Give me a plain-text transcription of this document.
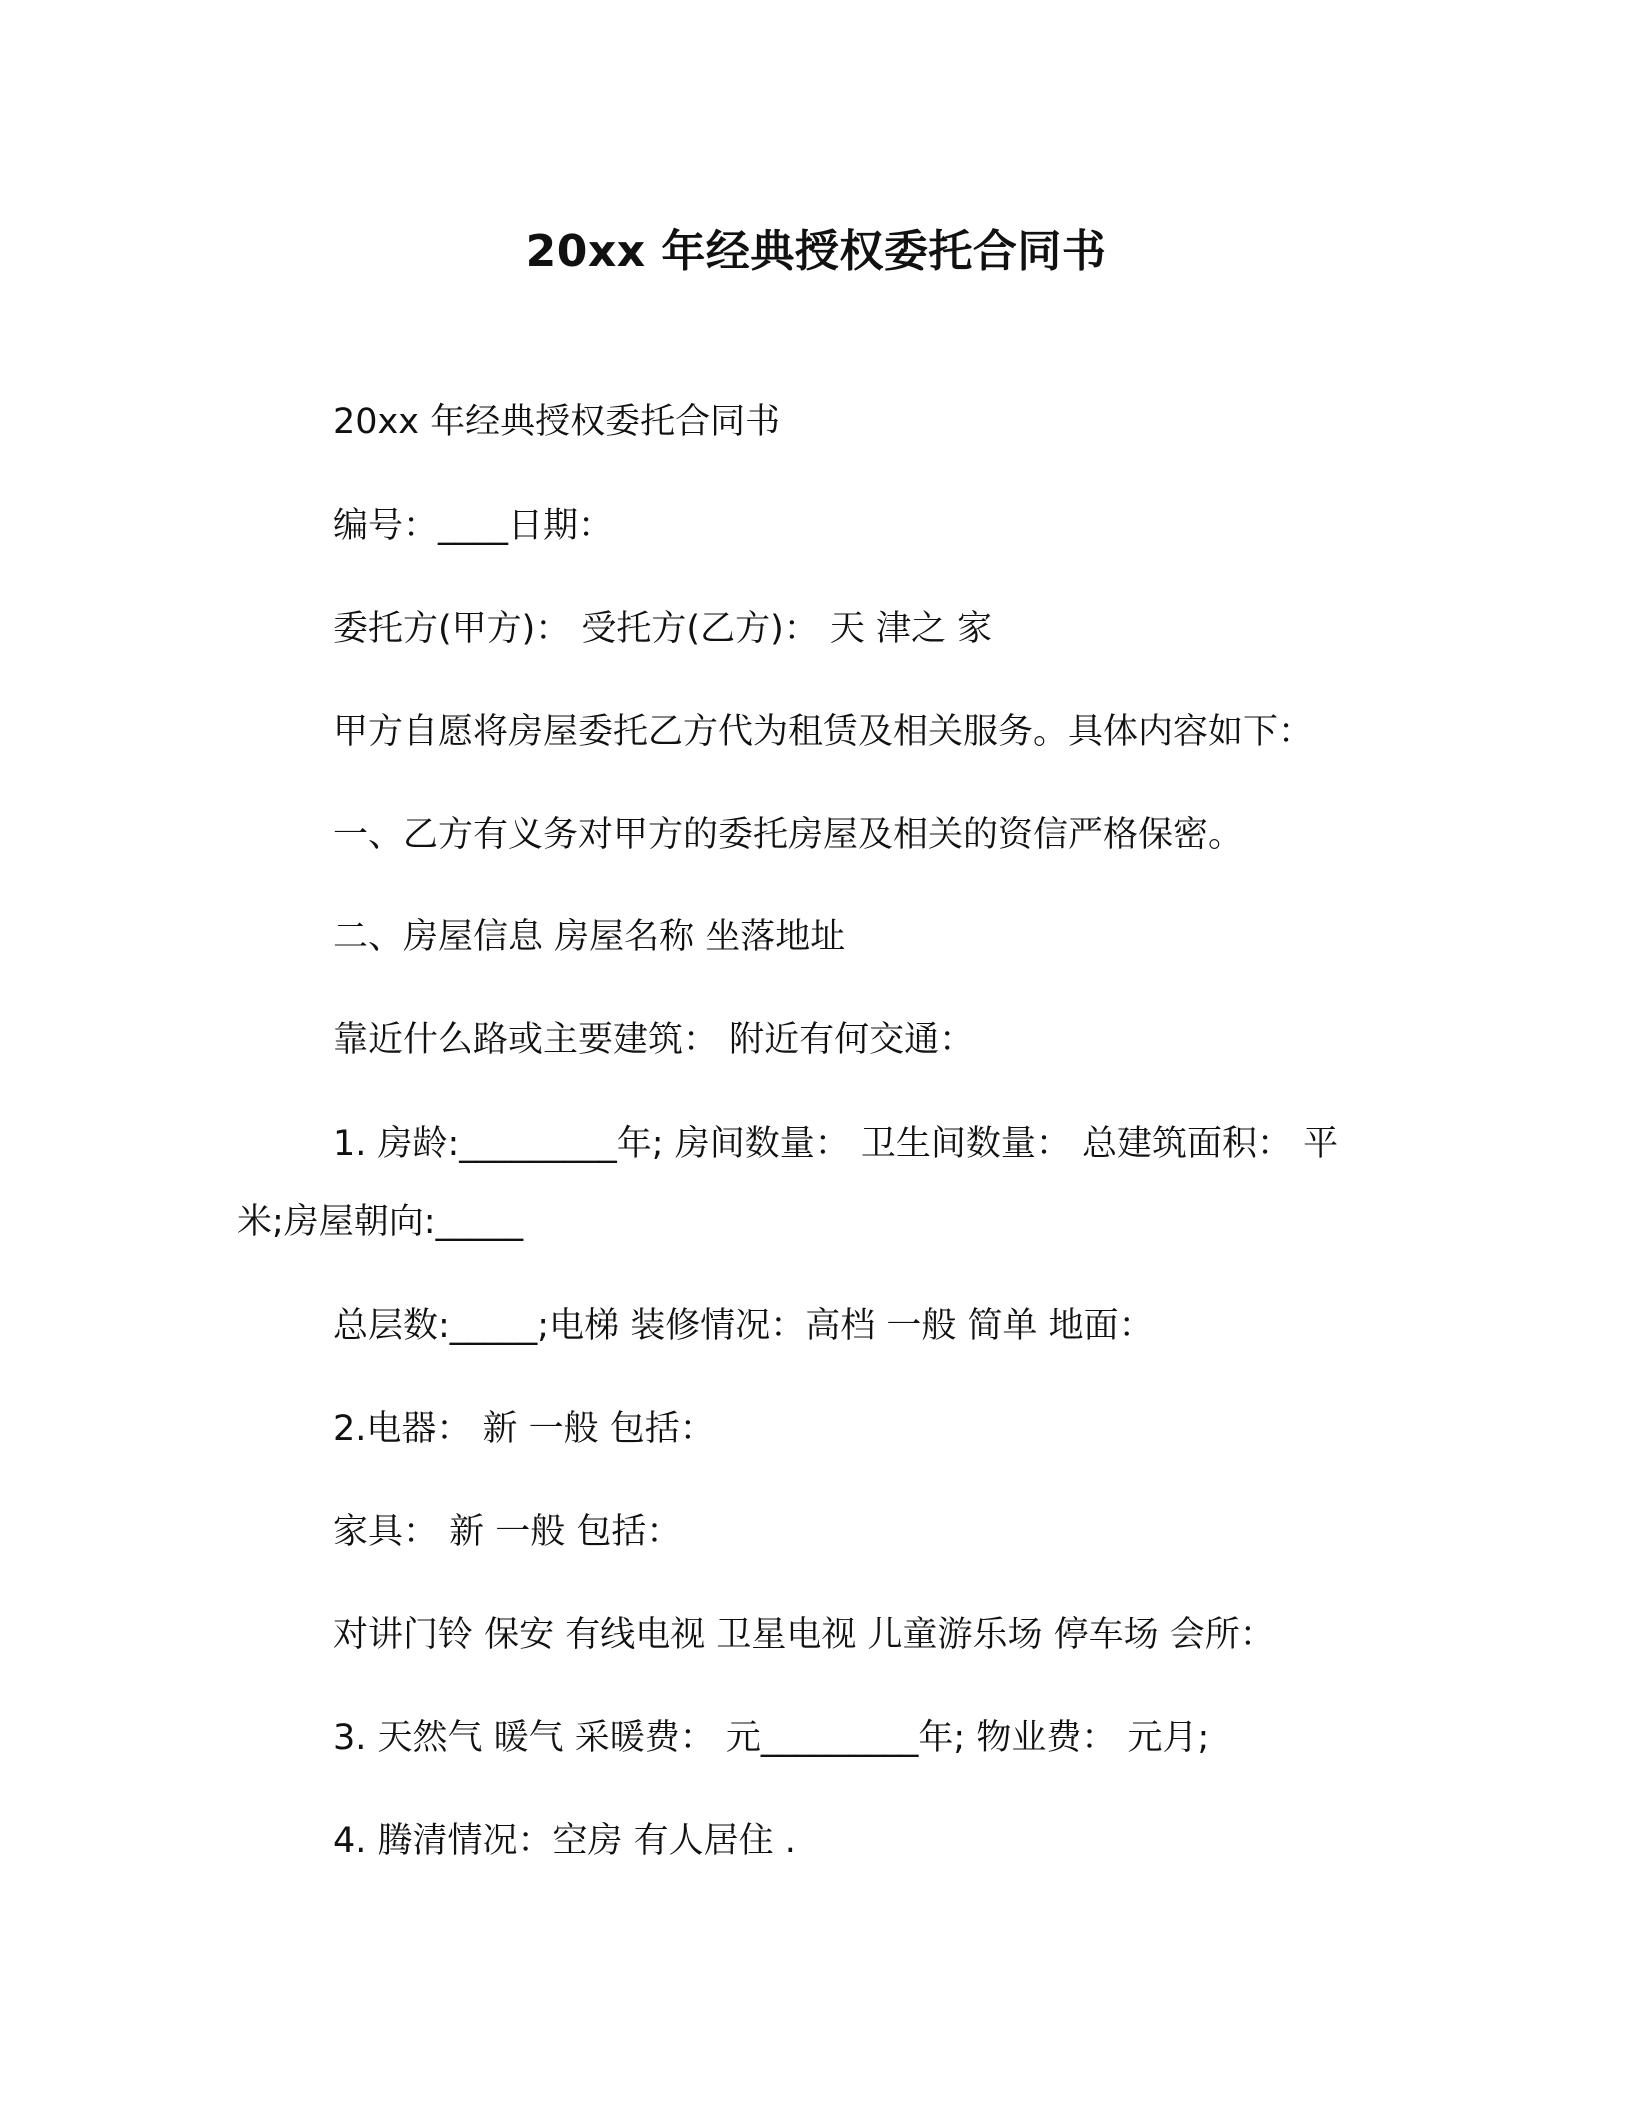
20xx 年经典授权委托合同书
20xx 年经典授权委托合同书
编号：____日期：
委托方(甲方)： 受托方(乙方)： 天 津之 家
甲方自愿将房屋委托乙方代为租赁及相关服务。具体内容如下：
一、乙方有义务对甲方的委托房屋及相关的资信严格保密。
二、房屋信息 房屋名称 坐落地址
靠近什么路或主要建筑： 附近有何交通：
1. 房龄:_________年; 房间数量： 卫生间数量： 总建筑面积： 平
米;房屋朝向:_____
总层数:_____;电梯 装修情况：高档 一般 简单 地面：
2.电器： 新 一般 包括：
家具： 新 一般 包括：
对讲门铃 保安 有线电视 卫星电视 儿童游乐场 停车场 会所：
3. 天然气 暖气 采暖费： 元_________年; 物业费： 元月;
4. 腾清情况：空房 有人居住 .
